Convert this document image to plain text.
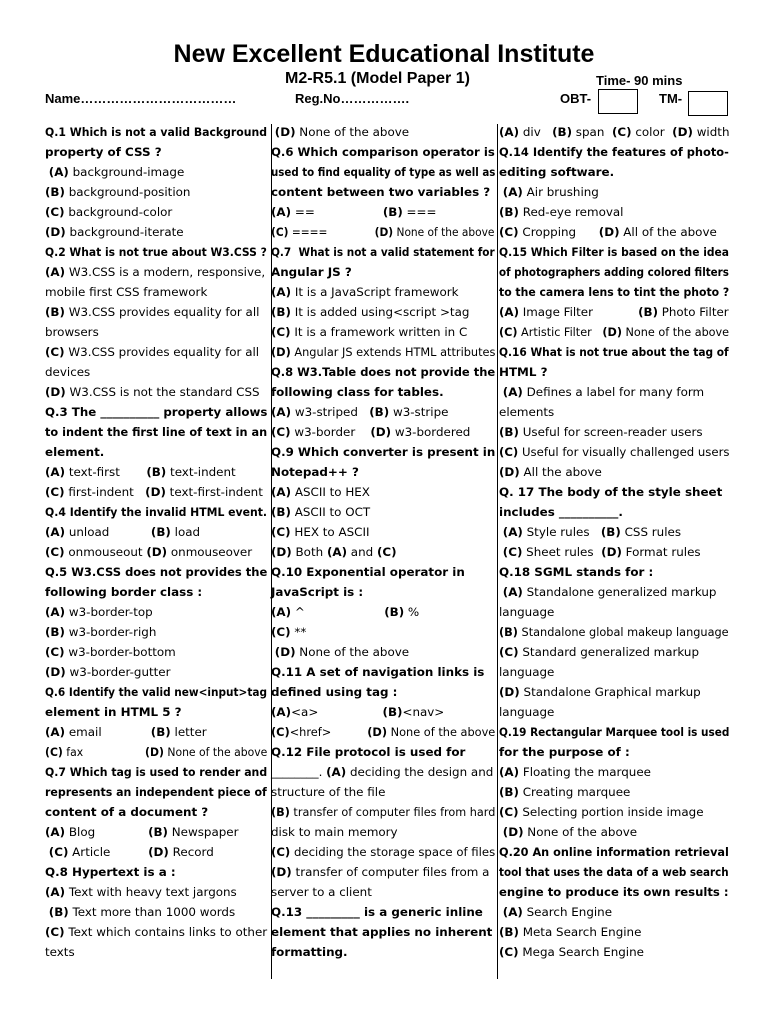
New Excellent Educational Institute
M2-R5.1 (Model Paper 1)	Time- 90 mins
Name………………………………	Reg.No…………….	OBT-	TM-
Q.1 Which is not a valid Background
property of CSS ?
(A) background-image
(B) background-position
(C) background-color
(D) background-iterate
Q.2 What is not true about W3.CSS ?
(A) W3.CSS is a modern, responsive,
mobile first CSS framework
(B) W3.CSS provides equality for all
browsers
(C) W3.CSS provides equality for all
devices
(D) W3.CSS is not the standard CSS
Q.3 The __________ property allows
to indent the first line of text in an
element.
(A) text-first       (B) text-indent
(C) first-indent   (D) text-first-indent
Q.4 Identify the invalid HTML event.
(A) unload           (B) load
(C) onmouseout (D) onmouseover
Q.5 W3.CSS does not provides the
following border class :
(A) w3-border-top
(B) w3-border-righ
(C) w3-border-bottom
(D) w3-border-gutter
Q.6 Identify the valid new<input>tag
element in HTML 5 ?
(A) email             (B) letter
(C) fax                  (D) None of the above
Q.7 Which tag is used to render and
represents an independent piece of
content of a document ?
(A) Blog              (B) Newspaper
(C) Article          (D) Record
Q.8 Hypertext is a :
(A) Text with heavy text jargons
(B) Text more than 1000 words
(C) Text which contains links to other
texts
(D) None of the above
Q.6 Which comparison operator is
used to find equality of type as well as
content between two variables ?
(A) ==                  (B) ===
(C) ====              (D) None of the above
Q.7  What is not a valid statement for
Angular JS ?
(A) It is a JavaScript framework
(B) It is added using<script >tag
(C) It is a framework written in C
(D) Angular JS extends HTML attributes
Q.8 W3.Table does not provide the
following class for tables.
(A) w3-striped   (B) w3-stripe
(C) w3-border    (D) w3-bordered
Q.9 Which converter is present in
Notepad++ ?
(A) ASCII to HEX
(B) ASCII to OCT
(C) HEX to ASCII
(D) Both (A) and (C)
Q.10 Exponential operator in
JavaScript is :
(A) ^                     (B) %
(C) **
(D) None of the above
Q.11 A set of navigation links is
defined using tag :
(A)<a>                 (B)<nav>
(C)<href>          (D) None of the above
Q.12 File protocol is used for
________. (A) deciding the design and
structure of the file
(B) transfer of computer files from hard
disk to main memory
(C) deciding the storage space of files
(D) transfer of computer files from a
server to a client
Q.13 _________ is a generic inline
element that applies no inherent
formatting.
(A) div   (B) span  (C) color  (D) width
Q.14 Identify the features of photo-
editing software.
(A) Air brushing
(B) Red-eye removal
(C) Cropping      (D) All of the above
Q.15 Which Filter is based on the idea
of photographers adding colored filters
to the camera lens to tint the photo ?
(A) Image Filter            (B) Photo Filter
(C) Artistic Filter   (D) None of the above
Q.16 What is not true about the tag of
HTML ?
(A) Defines a label for many form
elements
(B) Useful for screen-reader users
(C) Useful for visually challenged users
(D) All the above
Q. 17 The body of the style sheet
includes __________.
(A) Style rules   (B) CSS rules
(C) Sheet rules  (D) Format rules
Q.18 SGML stands for :
(A) Standalone generalized markup
language
(B) Standalone global makeup language
(C) Standard generalized markup
language
(D) Standalone Graphical markup
language
Q.19 Rectangular Marquee tool is used
for the purpose of :
(A) Floating the marquee
(B) Creating marquee
(C) Selecting portion inside image
(D) None of the above
Q.20 An online information retrieval
tool that uses the data of a web search
engine to produce its own results :
(A) Search Engine
(B) Meta Search Engine
(C) Mega Search Engine
